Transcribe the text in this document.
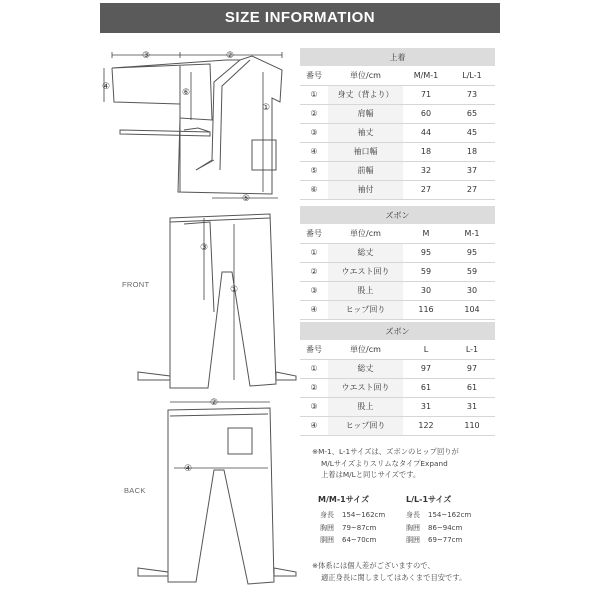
SIZE INFORMATION
③	②
④
⑥
①
⑤
③
①
②
④
FRONT
BACK
上着			
番号	単位/cm	M/M-1	L/L-1
①	身丈（背より）	71	73
②	肩幅	60	65
③	袖丈	44	45
④	袖口幅	18	18
⑤	前幅	32	37
⑥	袖付	27	27
ズボン			
番号	単位/cm	M	M-1
①	総丈	95	95
②	ウエスト回り	59	59
③	股上	30	30
④	ヒップ回り	116	104
ズボン			
番号	単位/cm	L	L-1
①	総丈	97	97
②	ウエスト回り	61	61
③	股上	31	31
④	ヒップ回り	122	110
※M-1、L-1サイズは、ズボンのヒップ回りが
M/LサイズよりスリムなタイプExpand
上着はM/Lと同じサイズです。
M/M-1サイズ	L/L-1サイズ
身長 154~162cm
胸囲 79~87cm
胴囲 64~70cm
身長 154~162cm
胸囲 86~94cm
胴囲 69~77cm
※体系には個人差がございますので、
適正身長に関しましてはあくまで目安です。
